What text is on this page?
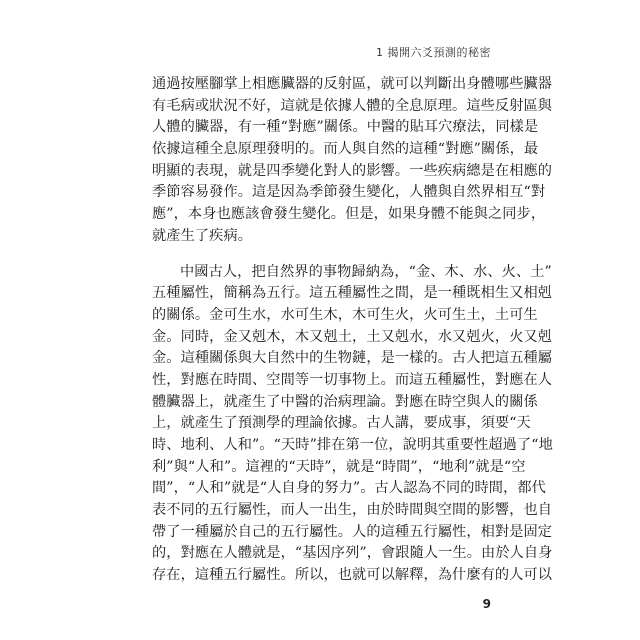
1 揭開六爻預測的秘密

通過按壓腳掌上相應臟器的反射區，就可以判斷出身體哪些臟器
有毛病或狀況不好，這就是依據人體的全息原理。這些反射區與
人體的臟器，有一種“對應”關係。中醫的貼耳穴療法，同樣是
依據這種全息原理發明的。而人與自然的這種“對應”關係，最
明顯的表現，就是四季變化對人的影響。一些疾病總是在相應的
季節容易發作。這是因為季節發生變化，人體與自然界相互“對
應”，本身也應該會發生變化。但是，如果身體不能與之同步，
就產生了疾病。

中國古人，把自然界的事物歸納為，“金、木、水、火、土”
五種屬性，簡稱為五行。這五種屬性之間，是一種既相生又相剋
的關係。金可生水，水可生木，木可生火，火可生土，土可生
金。同時，金又剋木，木又剋土，土又剋水，水又剋火，火又剋
金。這種關係與大自然中的生物鏈，是一樣的。古人把這五種屬
性，對應在時間、空間等一切事物上。而這五種屬性，對應在人
體臟器上，就產生了中醫的治病理論。對應在時空與人的關係
上，就產生了預測學的理論依據。古人講，要成事，須要“天
時、地利、人和”。“天時”排在第一位，說明其重要性超過了“地
利”與“人和”。這裡的“天時”，就是“時間”，“地利”就是“空
間”，“人和”就是“人自身的努力”。古人認為不同的時間，都代
表不同的五行屬性，而人一出生，由於時間與空間的影響，也自
帶了一種屬於自己的五行屬性。人的這種五行屬性，相對是固定
的，對應在人體就是，“基因序列”，會跟隨人一生。由於人自身
存在，這種五行屬性。所以，也就可以解釋，為什麼有的人可以

9
